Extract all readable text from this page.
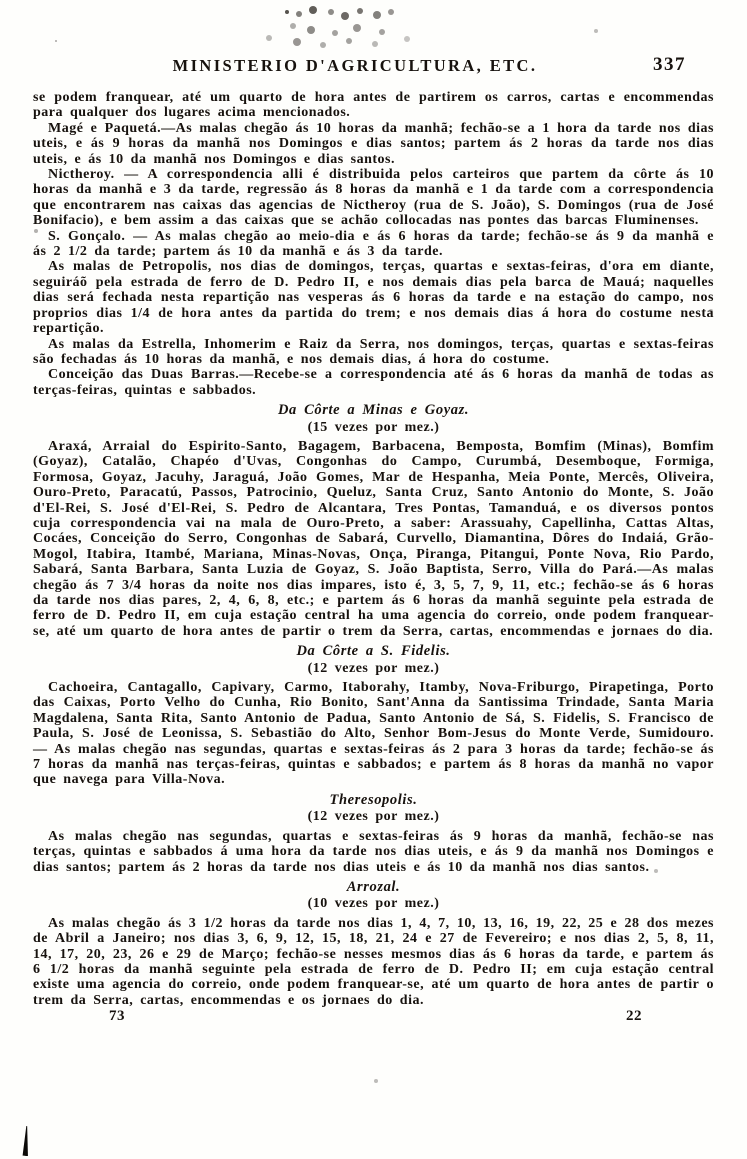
MINISTERIO D'AGRICULTURA, ETC.	337

se podem franquear, até um quarto de hora antes de partirem os carros, cartas e encommendas para qualquer dos lugares acima mencionados.

Magé e Paquetá.—As malas chegão ás 10 horas da manhã; fechão-se a 1 hora da tarde nos dias uteis, e ás 9 horas da manhã nos Domingos e dias santos; partem ás 2 horas da tarde nos dias uteis, e ás 10 da manhã nos Domingos e dias santos.

Nictheroy. — A correspondencia alli é distribuida pelos carteiros que partem da côrte ás 10 horas da manhã e 3 da tarde, regressão ás 8 horas da manhã e 1 da tarde com a correspondencia que encontrarem nas caixas das agencias de Nictheroy (rua de S. João), S. Domingos (rua de José Bonifacio), e bem assim a das caixas que se achão collocadas nas pontes das barcas Fluminenses.

S. Gonçalo. — As malas chegão ao meio-dia e ás 6 horas da tarde; fechão-se ás 9 da manhã e ás 2 1/2 da tarde; partem ás 10 da manhã e ás 3 da tarde.

As malas de Petropolis, nos dias de domingos, terças, quartas e sextas-feiras, d'ora em diante, seguiráõ pela estrada de ferro de D. Pedro II, e nos demais dias pela barca de Mauá; naquelles dias será fechada nesta repartição nas vesperas ás 6 horas da tarde e na estação do campo, nos proprios dias 1/4 de hora antes da partida do trem; e nos demais dias á hora do costume nesta repartição.

As malas da Estrella, Inhomerim e Raiz da Serra, nos domingos, terças, quartas e sextas-feiras são fechadas ás 10 horas da manhã, e nos demais dias, á hora do costume.

Conceição das Duas Barras.—Recebe-se a correspondencia até ás 6 horas da manhã de todas as terças-feiras, quintas e sabbados.

Da Côrte a Minas e Goyaz.

(15 vezes por mez.)

Araxá, Arraial do Espirito-Santo, Bagagem, Barbacena, Bemposta, Bomfim (Minas), Bomfim (Goyaz), Catalão, Chapéo d'Uvas, Congonhas do Campo, Curumbá, Desemboque, Formiga, Formosa, Goyaz, Jacuhy, Jaraguá, João Gomes, Mar de Hespanha, Meia Ponte, Mercês, Oliveira, Ouro-Preto, Paracatú, Passos, Patrocinio, Queluz, Santa Cruz, Santo Antonio do Monte, S. João d'El-Rei, S. José d'El-Rei, S. Pedro de Alcantara, Tres Pontas, Tamanduá, e os diversos pontos cuja correspondencia vai na mala de Ouro-Preto, a saber: Arassuahy, Capellinha, Cattas Altas, Cocáes, Conceição do Serro, Congonhas de Sabará, Curvello, Diamantina, Dôres do Indaiá, Grão-Mogol, Itabira, Itambé, Mariana, Minas-Novas, Onça, Piranga, Pitangui, Ponte Nova, Rio Pardo, Sabará, Santa Barbara, Santa Luzia de Goyaz, S. João Baptista, Serro, Villa do Pará.—As malas chegão ás 7 3/4 horas da noite nos dias impares, isto é, 3, 5, 7, 9, 11, etc.; fechão-se ás 6 horas da tarde nos dias pares, 2, 4, 6, 8, etc.; e partem ás 6 horas da manhã seguinte pela estrada de ferro de D. Pedro II, em cuja estação central ha uma agencia do correio, onde podem franquear-se, até um quarto de hora antes de partir o trem da Serra, cartas, encommendas e jornaes do dia.

Da Côrte a S. Fidelis.

(12 vezes por mez.)

Cachoeira, Cantagallo, Capivary, Carmo, Itaborahy, Itamby, Nova-Friburgo, Pirapetinga, Porto das Caixas, Porto Velho do Cunha, Rio Bonito, Sant'Anna da Santissima Trindade, Santa Maria Magdalena, Santa Rita, Santo Antonio de Padua, Santo Antonio de Sá, S. Fidelis, S. Francisco de Paula, S. José de Leonissa, S. Sebastião do Alto, Senhor Bom-Jesus do Monte Verde, Sumidouro. — As malas chegão nas segundas, quartas e sextas-feiras ás 2 para 3 horas da tarde; fechão-se ás 7 horas da manhã nas terças-feiras, quintas e sabbados; e partem ás 8 horas da manhã no vapor que navega para Villa-Nova.

Theresopolis.

(12 vezes por mez.)

As malas chegão nas segundas, quartas e sextas-feiras ás 9 horas da manhã, fechão-se nas terças, quintas e sabbados á uma hora da tarde nos dias uteis, e ás 9 da manhã nos Domingos e dias santos; partem ás 2 horas da tarde nos dias uteis e ás 10 da manhã nos dias santos.

Arrozal.

(10 vezes por mez.)

As malas chegão ás 3 1/2 horas da tarde nos dias 1, 4, 7, 10, 13, 16, 19, 22, 25 e 28 dos mezes de Abril a Janeiro; nos dias 3, 6, 9, 12, 15, 18, 21, 24 e 27 de Fevereiro; e nos dias 2, 5, 8, 11, 14, 17, 20, 23, 26 e 29 de Março; fechão-se nesses mesmos dias ás 6 horas da tarde, e partem ás 6 1/2 horas da manhã seguinte pela estrada de ferro de D. Pedro II; em cuja estação central existe uma agencia do correio, onde podem franquear-se, até um quarto de hora antes de partir o trem da Serra, cartas, encommendas e os jornaes do dia.

73	22
